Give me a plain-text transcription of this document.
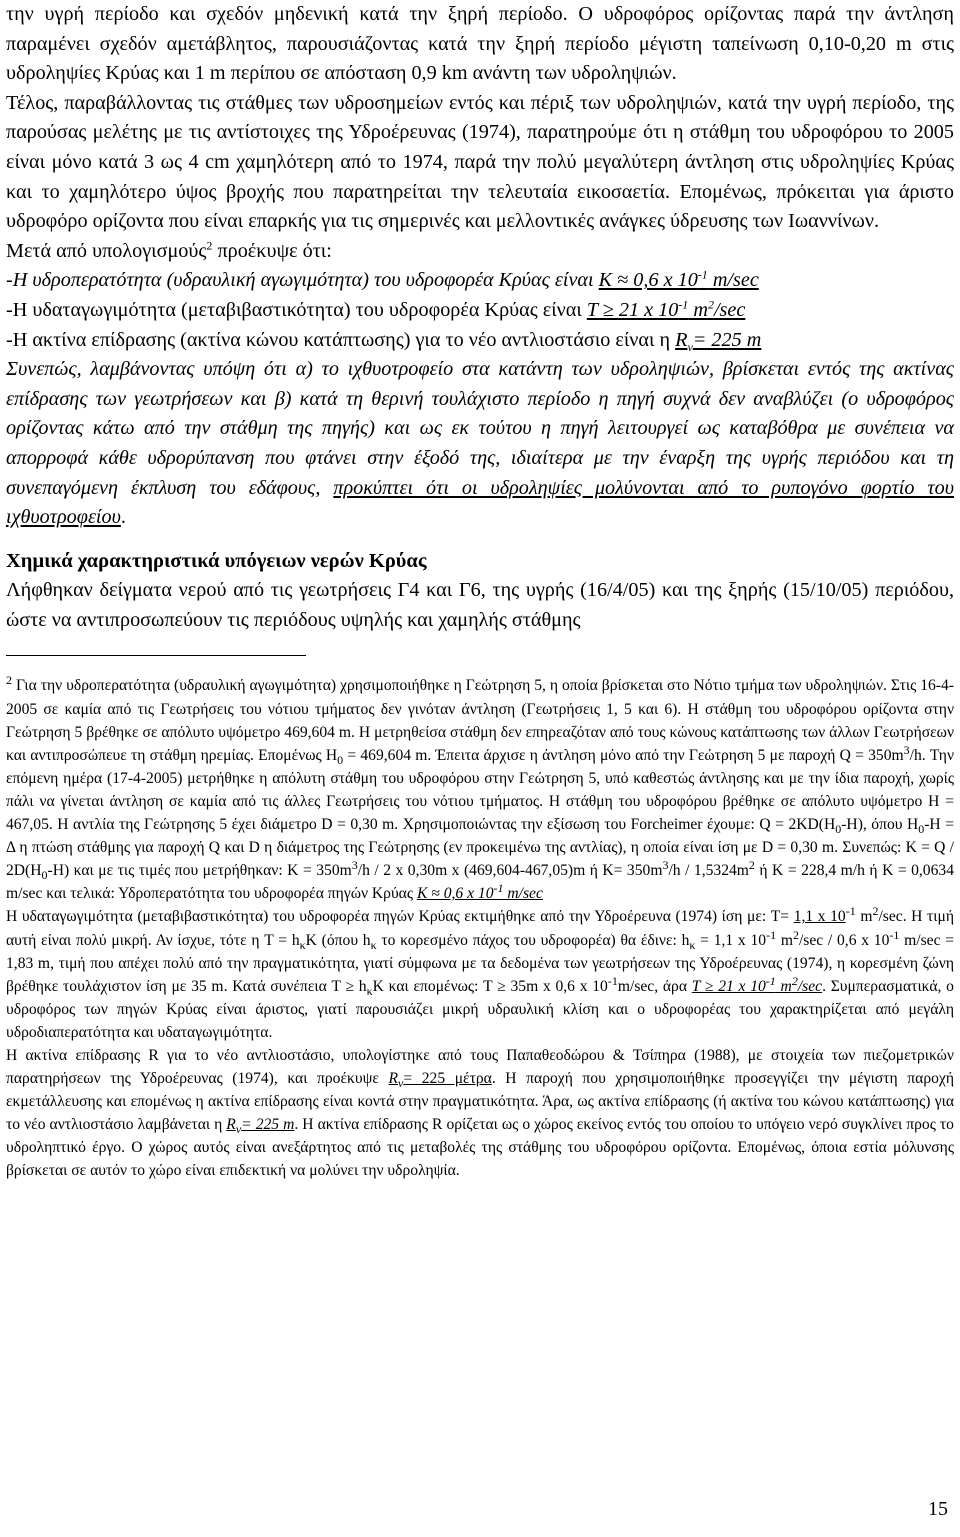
την υγρή περίοδο και σχεδόν μηδενική κατά την ξηρή περίοδο. Ο υδροφόρος ορίζοντας παρά την άντληση παραμένει σχεδόν αμετάβλητος, παρουσιάζοντας κατά την ξηρή περίοδο μέγιστη ταπείνωση 0,10-0,20 m στις υδροληψίες Κρύας και 1 m περίπου σε απόσταση 0,9 km ανάντη των υδροληψιών.

Τέλος, παραβάλλοντας τις στάθμες των υδροσημείων εντός και πέριξ των υδροληψιών, κατά την υγρή περίοδο, της παρούσας μελέτης με τις αντίστοιχες της Υδροέρευνας (1974), παρατηρούμε ότι η στάθμη του υδροφόρου το 2005 είναι μόνο κατά 3 ως 4 cm χαμηλότερη από το 1974, παρά την πολύ μεγαλύτερη άντληση στις υδροληψίες Κρύας και το χαμηλότερο ύψος βροχής που παρατηρείται την τελευταία εικοσαετία. Επομένως, πρόκειται για άριστο υδροφόρο ορίζοντα που είναι επαρκής για τις σημερινές και μελλοντικές ανάγκες ύδρευσης των Ιωαννίνων.

Μετά από υπολογισμούς$^2$ προέκυψε ότι:

-Η υδροπερατότητα (υδραυλική αγωγιμότητα) του υδροφορέα Κρύας είναι K ≈ 0,6 x $10^{-1}$ m/sec

-Η υδαταγωγιμότητα (μεταβιβαστικότητα) του υδροφορέα Κρύας είναι T ≥ 21 x $10^{-1}$ $m^2/\sec$

-Η ακτίνα επίδρασης (ακτίνα κώνου κατάπτωσης) για το νέο αντλιοστάσιο είναι η $R_v= 225$ m

Συνεπώς, λαμβάνοντας υπόψη ότι α) το ιχθυοτροφείο στα κατάντη των υδροληψιών, βρίσκεται εντός της ακτίνας επίδρασης των γεωτρήσεων και β) κατά τη θερινή τουλάχιστο περίοδο η πηγή συχνά δεν αναβλύζει (ο υδροφόρος ορίζοντας κάτω από την στάθμη της πηγής) και ως εκ τούτου η πηγή λειτουργεί ως καταβόθρα με συνέπεια να απορροφά κάθε υδρορύπανση που φτάνει στην έξοδό της, ιδιαίτερα με την έναρξη της υγρής περιόδου και τη συνεπαγόμενη έκπλυση του εδάφους, προκύπτει ότι οι υδροληψίες μολύνονται από το ρυπογόνο φορτίο του ιχθυοτροφείου.

Χημικά χαρακτηριστικά υπόγειων νερών Κρύας

Λήφθηκαν δείγματα νερού από τις γεωτρήσεις Γ4 και Γ6, της υγρής (16/4/05) και της ξηρής (15/10/05) περιόδου, ώστε να αντιπροσωπεύουν τις περιόδους υψηλής και χαμηλής στάθμης

$^2$ Για την υδροπερατότητα (υδραυλική αγωγιμότητα) χρησιμοποιήθηκε η Γεώτρηση 5, η οποία βρίσκεται στο Νότιο τμήμα των υδροληψιών. Στις 16-4-2005 σε καμία από τις Γεωτρήσεις του νότιου τμήματος δεν γινόταν άντληση (Γεωτρήσεις 1, 5 και 6). Η στάθμη του υδροφόρου ορίζοντα στην Γεώτρηση 5 βρέθηκε σε απόλυτο υψόμετρο 469,604 m. Η μετρηθείσα στάθμη δεν επηρεαζόταν από τους κώνους κατάπτωσης των άλλων Γεωτρήσεων και αντιπροσώπευε τη στάθμη ηρεμίας. Επομένως $H_0 = 469,604$ m. Έπειτα άρχισε η άντληση μόνο από την Γεώτρηση 5 με παροχή $Q = 350m^3/h$. Την επόμενη ημέρα (17-4-2005) μετρήθηκε η απόλυτη στάθμη του υδροφόρου στην Γεώτρηση 5, υπό καθεστώς άντλησης και με την ίδια παροχή, χωρίς πάλι να γίνεται άντληση σε καμία από τις άλλες Γεωτρήσεις του νότιου τμήματος. Η στάθμη του υδροφόρου βρέθηκε σε απόλυτο υψόμετρο H = 467,05. Η αντλία της Γεώτρησης 5 έχει διάμετρο D = 0,30 m. Χρησιμοποιώντας την εξίσωση του Forcheimer έχουμε: $Q = 2KD(H_0-H)$, όπου $H_0-H = \Delta$ η πτώση στάθμης για παροχή Q και D η διάμετρος της Γεώτρησης (εν προκειμένω της αντλίας), η οποία είναι ίση με D = 0,30 m. Συνεπώς: $K = Q / 2D(H_0-H)$ και με τις τιμές που μετρήθηκαν: $K = 350m^3/h / 2$ x 0,30m x (469,604-467,05)m ή $K= 350m^3/h / 1,5324m^2$ ή K = 228,4 m/h ή K = 0,0634 m/sec και τελικά: Υδροπερατότητα του υδροφορέα πηγών Κρύας K ≈ 0,6 x $10^{-1}$ m/sec

Η υδαταγωγιμότητα (μεταβιβαστικότητα) του υδροφορέα πηγών Κρύας εκτιμήθηκε από την Υδροέρευνα (1974) ίση με: T= 1,1 x $10^{-1}$ $m^2/\sec$. Η τιμή αυτή είναι πολύ μικρή. Αν ίσχυε, τότε η $T = h_\kappa K$ (όπου $h_\kappa$ το κορεσμένο πάχος του υδροφορέα) θα έδινε: $h_\kappa = 1,1$ x $10^{-1}$ $m^2/\sec / 0,6$ x $10^{-1}$ m/sec = 1,83 m, τιμή που απέχει πολύ από την πραγματικότητα, γιατί σύμφωνα με τα δεδομένα των γεωτρήσεων της Υδροέρευνας (1974), η κορεσμένη ζώνη βρέθηκε τουλάχιστον ίση με 35 m. Κατά συνέπεια $T \ge h_\kappa K$ και επομένως: T ≥ 35m x 0,6 x $10^{-1}m/\sec$, άρα T ≥ 21 x $10^{-1}$ $m^2/\sec$. Συμπερασματικά, ο υδροφόρος των πηγών Κρύας είναι άριστος, γιατί παρουσιάζει μικρή υδραυλική κλίση και ο υδροφορέας του χαρακτηρίζεται από μεγάλη υδροδιαπερατότητα και υδαταγωγιμότητα.

Η ακτίνα επίδρασης R για το νέο αντλιοστάσιο, υπολογίστηκε από τους Παπαθεοδώρου & Τσίπηρα (1988), με στοιχεία των πιεζομετρικών παρατηρήσεων της Υδροέρευνας (1974), και προέκυψε $R_v= 225$ μέτρα. Η παροχή που χρησιμοποιήθηκε προσεγγίζει την μέγιστη παροχή εκμετάλλευσης και επομένως η ακτίνα επίδρασης είναι κοντά στην πραγματικότητα. Άρα, ως ακτίνα επίδρασης (ή ακτίνα του κώνου κατάπτωσης) για το νέο αντλιοστάσιο λαμβάνεται η $R_v= 225$ m. Η ακτίνα επίδρασης R ορίζεται ως ο χώρος εκείνος εντός του οποίου το υπόγειο νερό συγκλίνει προς το υδροληπτικό έργο. Ο χώρος αυτός είναι ανεξάρτητος από τις μεταβολές της στάθμης του υδροφόρου ορίζοντα. Επομένως, όποια εστία μόλυνσης βρίσκεται σε αυτόν το χώρο είναι επιδεκτική να μολύνει την υδροληψία.

15
